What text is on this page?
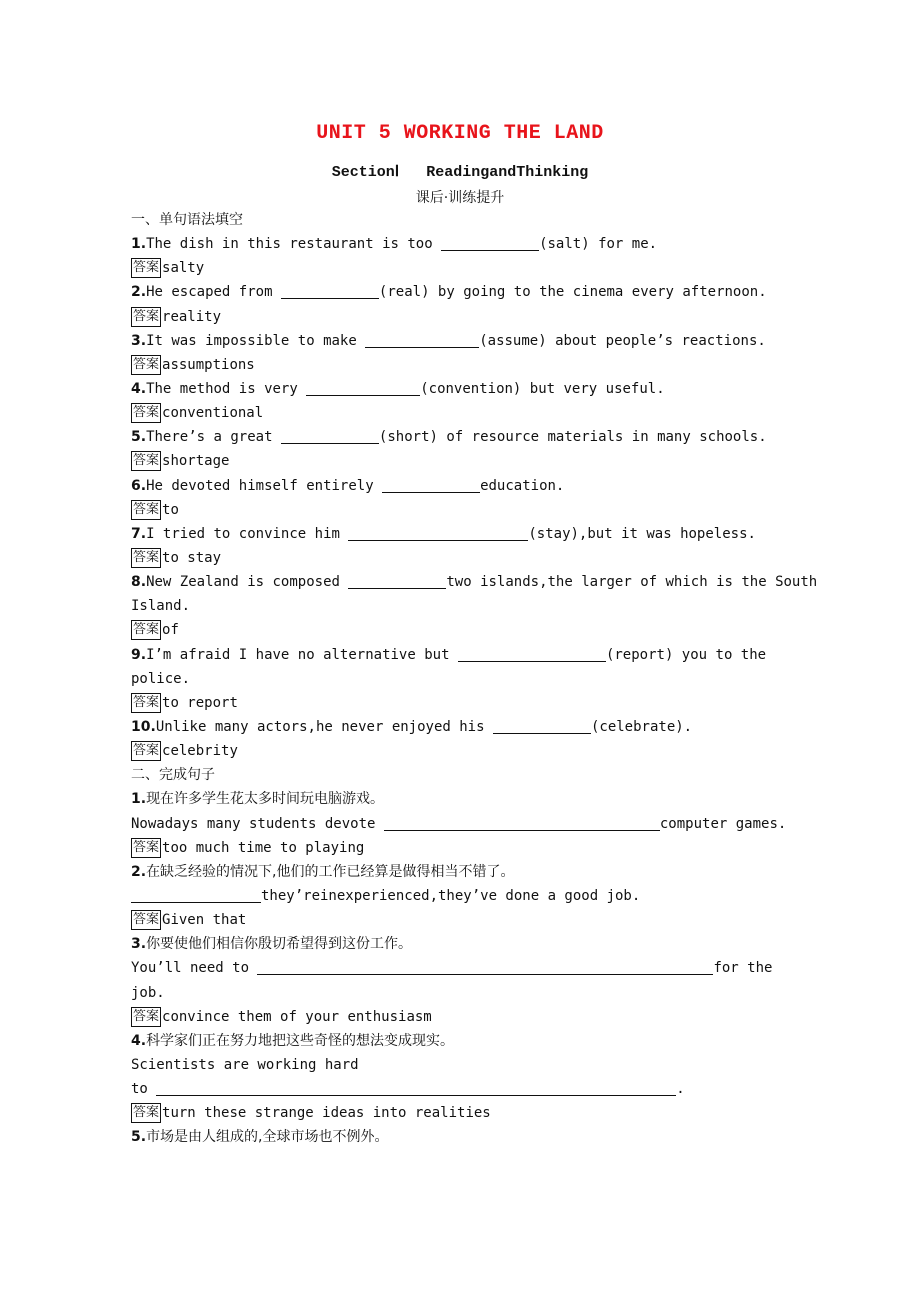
UNIT 5 WORKING THE LAND
SectionⅠ   ReadingandThinking
课后·训练提升
一、单句语法填空
1.The dish in this restaurant is too	(salt) for me.
答案 salty
2.He escaped from	(real) by going to the cinema every afternoon.
答案 reality
3.It was impossible to make	(assume) about people’s reactions.
答案 assumptions
4.The method is very	(convention) but very useful.
答案 conventional
5.There’s a great	(short) of resource materials in many schools.
答案 shortage
6.He devoted himself entirely	education.
答案 to
7.I tried to convince him	(stay),but it was hopeless.
答案 to stay
8.New Zealand is composed	two islands,the larger of which is the South
Island.
答案 of
9.I’m afraid I have no alternative but	(report) you to the
police.
答案 to report
10.Unlike many actors,he never enjoyed his	(celebrate).
答案 celebrity
二、完成句子
1.现在许多学生花太多时间玩电脑游戏。
Nowadays many students devote	computer games.
答案 too much time to playing
2.在缺乏经验的情况下,他们的工作已经算是做得相当不错了。
they’reinexperienced,they’ve done a good job.
答案 Given that
3.你要使他们相信你殷切希望得到这份工作。
You’ll need to	for the
job.
答案 convince them of your enthusiasm
4.科学家们正在努力地把这些奇怪的想法变成现实。
Scientists are working hard
to	.
答案 turn these strange ideas into realities
5.市场是由人组成的,全球市场也不例外。
